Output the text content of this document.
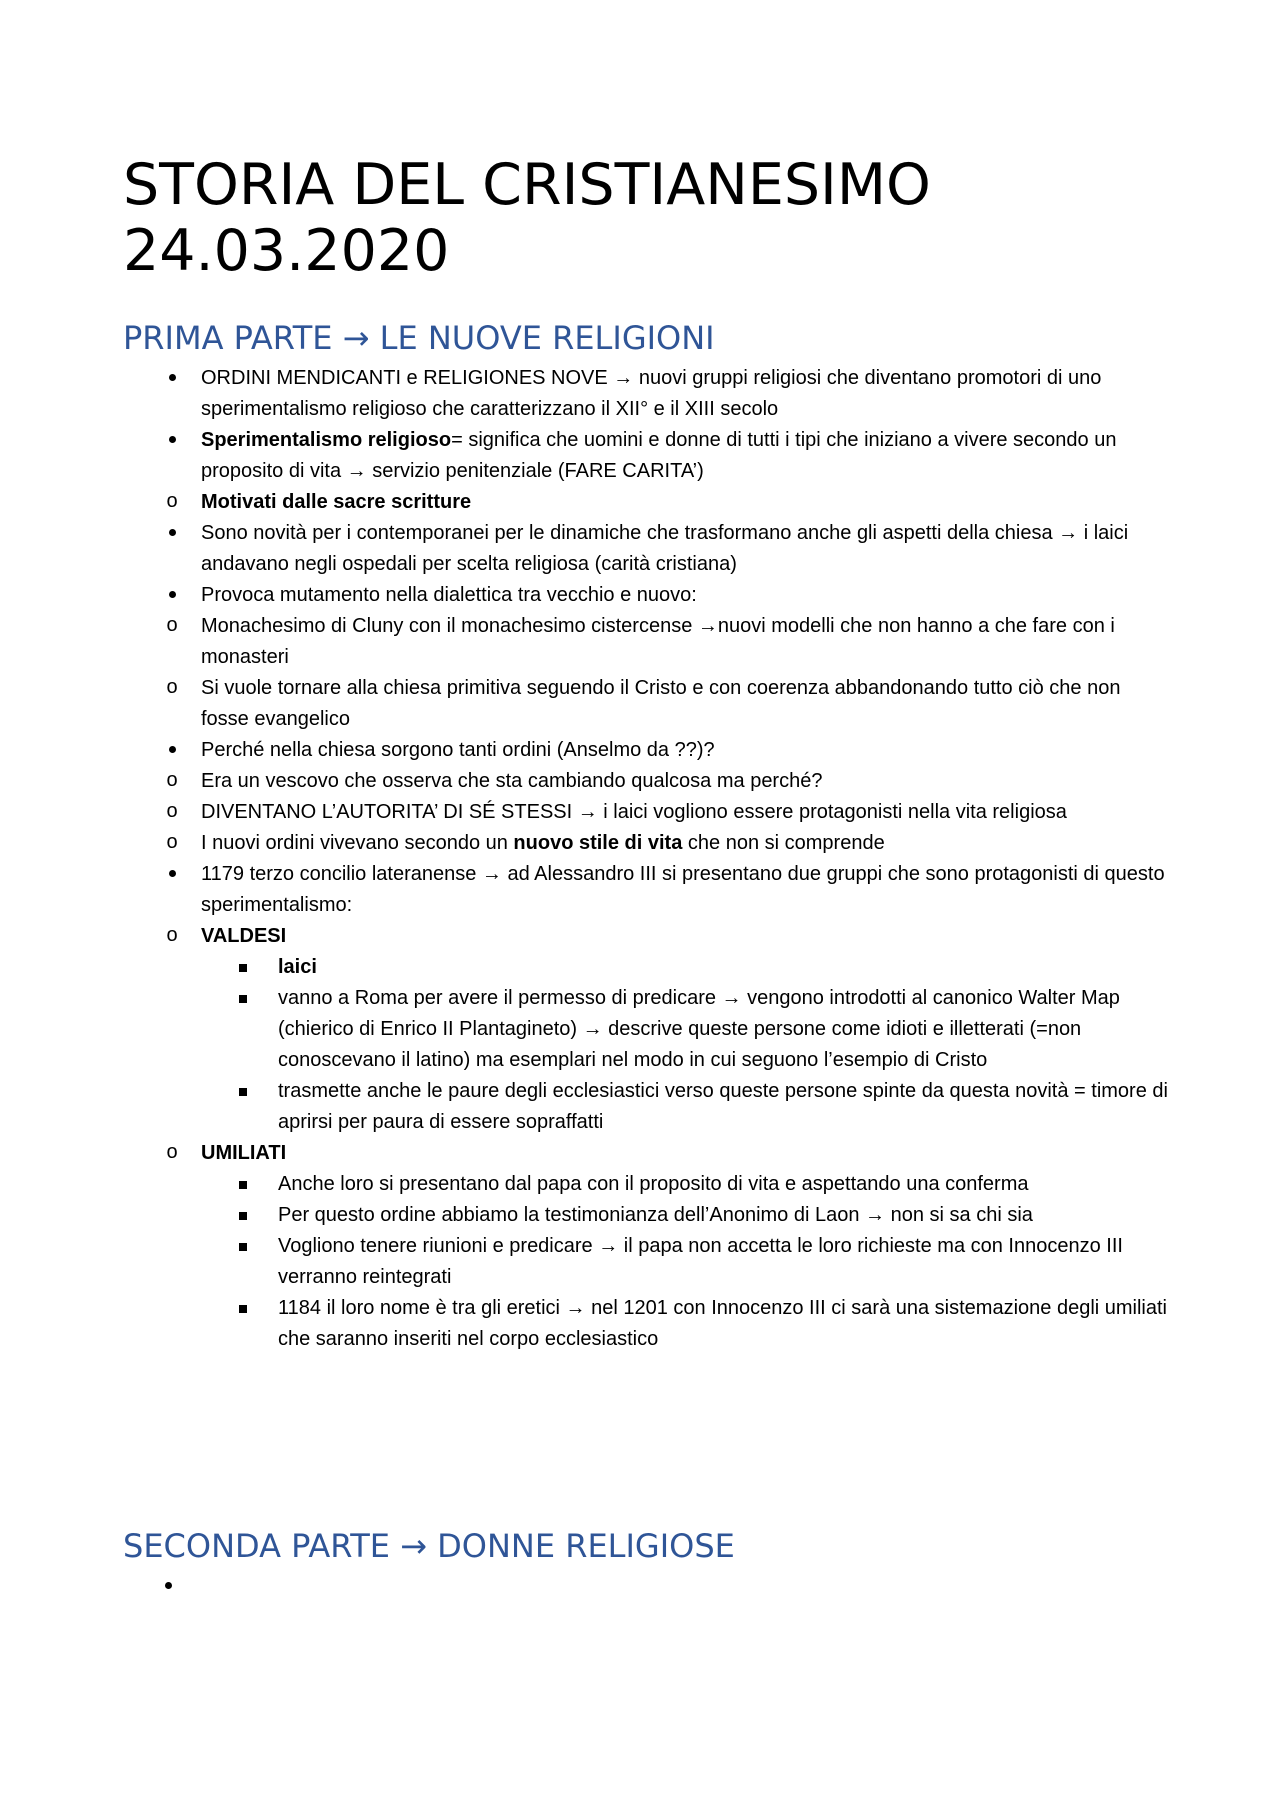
STORIA DEL CRISTIANESIMO
24.03.2020
PRIMA PARTE → LE NUOVE RELIGIONI
ORDINI MENDICANTI e RELIGIONES NOVE → nuovi gruppi religiosi che diventano promotori di uno sperimentalismo religioso che caratterizzano il XII° e il XIII secolo
Sperimentalismo religioso= significa che uomini e donne di tutti i tipi che iniziano a vivere secondo un proposito di vita → servizio penitenziale (FARE CARITA’)
o Motivati dalle sacre scritture
Sono novità per i contemporanei per le dinamiche che trasformano anche gli aspetti della chiesa → i laici andavano negli ospedali per scelta religiosa (carità cristiana)
Provoca mutamento nella dialettica tra vecchio e nuovo:
o Monachesimo di Cluny con il monachesimo cistercense →nuovi modelli che non hanno a che fare con i monasteri
o Si vuole tornare alla chiesa primitiva seguendo il Cristo e con coerenza abbandonando tutto ciò che non fosse evangelico
Perché nella chiesa sorgono tanti ordini (Anselmo da ??)?
o Era un vescovo che osserva che sta cambiando qualcosa ma perché?
o DIVENTANO L’AUTORITA’ DI SÉ STESSI → i laici vogliono essere protagonisti nella vita religiosa
o I nuovi ordini vivevano secondo un nuovo stile di vita che non si comprende
1179 terzo concilio lateranense → ad Alessandro III si presentano due gruppi che sono protagonisti di questo sperimentalismo:
o VALDESI
laici
vanno a Roma per avere il permesso di predicare → vengono introdotti al canonico Walter Map (chierico di Enrico II Plantagineto) → descrive queste persone come idioti e illetterati (=non conoscevano il latino) ma esemplari nel modo in cui seguono l’esempio di Cristo
trasmette anche le paure degli ecclesiastici verso queste persone spinte da questa novità = timore di aprirsi per paura di essere sopraffatti
o UMILIATI
Anche loro si presentano dal papa con il proposito di vita e aspettando una conferma
Per questo ordine abbiamo la testimonianza dell’Anonimo di Laon → non si sa chi sia
Vogliono tenere riunioni e predicare → il papa non accetta le loro richieste ma con Innocenzo III verranno reintegrati
1184 il loro nome è tra gli eretici → nel 1201 con Innocenzo III ci sarà una sistemazione degli umiliati che saranno inseriti nel corpo ecclesiastico
SECONDA PARTE → DONNE RELIGIOSE
